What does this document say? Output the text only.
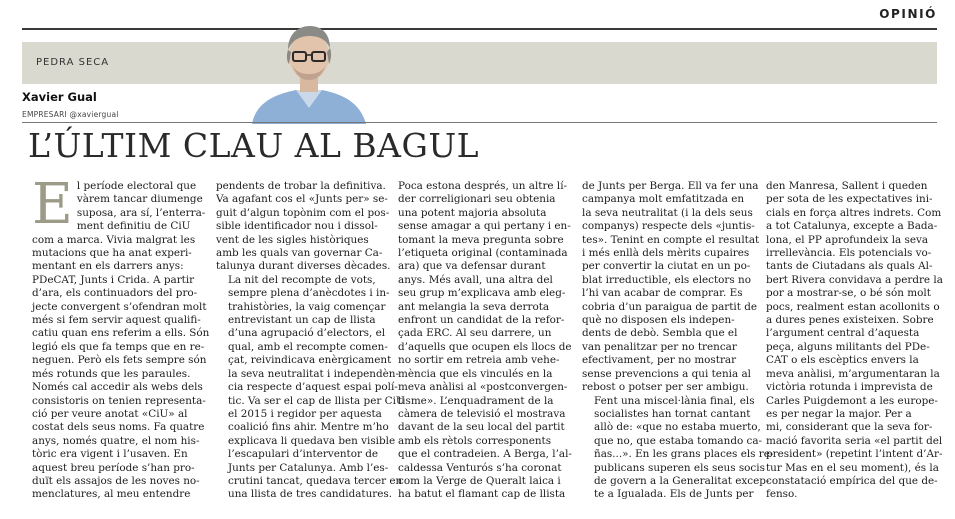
OPINIÓ
PEDRA SECA
Xavier Gual
EMPRESARI @xaviergual
L’ÚLTIM CLAU AL BAGUL

E l període electoral que
vàrem tancar diumenge
suposa, ara sí, l’enterra-
ment definitiu de CiU
com a marca. Vivia malgrat les
mutacions que ha anat experi-
mentant en els darrers anys:
PDeCAT, Junts i Crida. A partir
d’ara, els continuadors del pro-
jecte convergent s’ofendran molt
més si fem servir aquest qualifi-
catiu quan ens referim a ells. Són
legió els que fa temps que en re-
neguen. Però els fets sempre són
més rotunds que les paraules.
Només cal accedir als webs dels
consistoris on tenien representa-
ció per veure anotat «CiU» al
costat dels seus noms. Fa quatre
anys, només quatre, el nom his-
tòric era vigent i l’usaven. En
aquest breu període s’han pro-
duït els assajos de les noves no-
menclatures, al meu entendre

pendents de trobar la definitiva.
Va agafant cos el «Junts per» se-
guit d’algun topònim com el pos-
sible identificador nou i dissol-
vent de les sigles històriques
amb les quals van governar Ca-
talunya durant diverses dècades.

La nit del recompte de vots,
sempre plena d’anècdotes i in-
trahistòries, la vaig començar
entrevistant un cap de llista
d’una agrupació d’electors, el
qual, amb el recompte comen-
çat, reivindicava enèrgicament
la seva neutralitat i independèn-
cia respecte d’aquest espai polí-
tic. Va ser el cap de llista per CiU
el 2015 i regidor per aquesta
coalició fins ahir. Mentre m’ho
explicava li quedava ben visible
l’escapulari d’interventor de
Junts per Catalunya. Amb l’es-
crutini tancat, quedava tercer en
una llista de tres candidatures.

Poca estona després, un altre lí-
der correligionari seu obtenia
una potent majoria absoluta
sense amagar a qui pertany i en-
tomant la meva pregunta sobre
l’etiqueta original (contaminada
ara) que va defensar durant
anys. Més avall, una altra del
seu grup m’explicava amb eleg-
ant melangia la seva derrota
enfront un candidat de la refor-
çada ERC. Al seu darrere, un
d’aquells que ocupen els llocs de
no sortir em retreia amb vehe-
mència que els vinculés en la
meva anàlisi al «postconvergen-
tisme». L’enquadrament de la
càmera de televisió el mostrava
davant de la seu local del partit
amb els rètols corresponents
que el contradeien. A Berga, l’al-
caldessa Venturós s’ha coronat
com la Verge de Queralt laica i
ha batut el flamant cap de llista

de Junts per Berga. Ell va fer una
campanya molt emfatitzada en
la seva neutralitat (i la dels seus
companys) respecte dels «juntis-
tes». Tenint en compte el resultat
i més enllà dels mèrits cupaires
per convertir la ciutat en un po-
blat irreductible, els electors no
l’hi van acabar de comprar. Es
cobria d’un paraigua de partit de
què no disposen els indepen-
dents de debò. Sembla que el
van penalitzar per no trencar
efectivament, per no mostrar
sense prevencions a qui tenia al
rebost o potser per ser ambigu.

Fent una miscel·lània final, els
socialistes han tornat cantant
allò de: «que no estaba muerto,
que no, que estaba tomando ca-
ñas...». En les grans places els re-
publicans superen els seus socis
de govern a la Generalitat excep-
te a Igualada. Els de Junts per

den Manresa, Sallent i queden
per sota de les expectatives ini-
cials en força altres indrets. Com
a tot Catalunya, excepte a Bada-
lona, el PP aprofundeix la seva
irrellevància. Els potencials vo-
tants de Ciutadans als quals Al-
bert Rivera convidava a perdre la
por a mostrar-se, o bé són molt
pocs, realment estan acollonits o
a dures penes existeixen. Sobre
l’argument central d’aquesta
peça, alguns militants del PDe-
CAT o els escèptics envers la
meva anàlisi, m’argumentaran la
victòria rotunda i imprevista de
Carles Puigdemont a les europe-
es per negar la major. Per a
mi, considerant que la seva for-
mació favorita seria «el partit del
president» (repetint l’intent d’Ar-
tur Mas en el seu moment), és la
constatació empírica del que de-
fenso.
